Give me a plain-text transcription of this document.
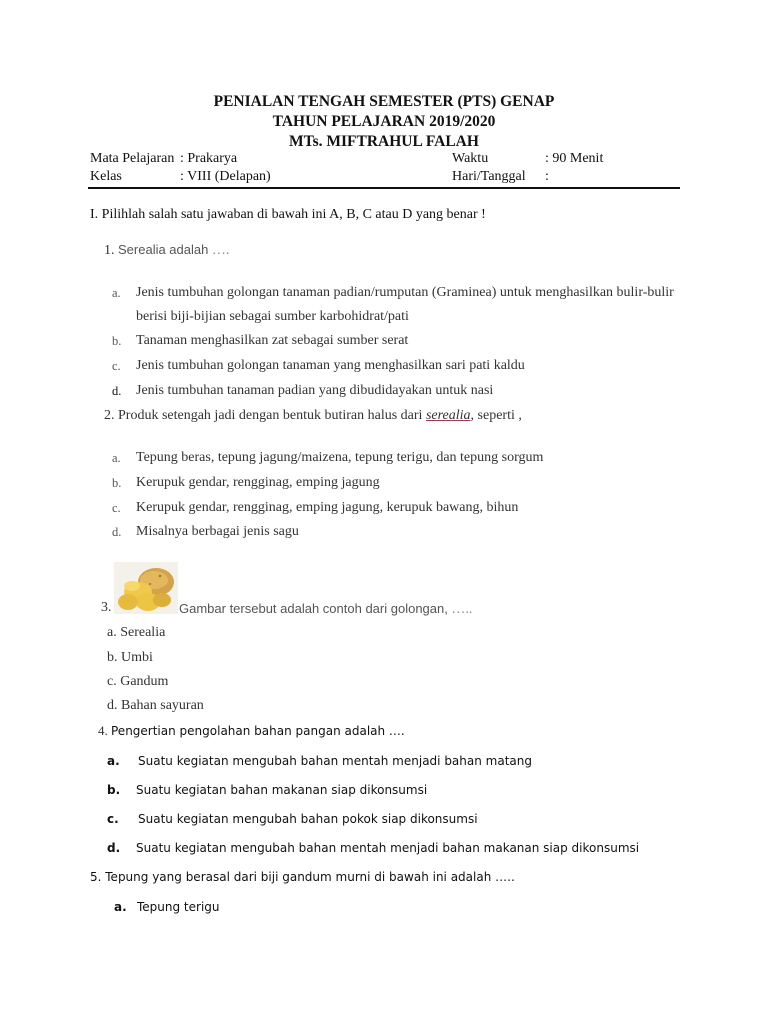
PENIALAN TENGAH SEMESTER (PTS) GENAP
TAHUN PELAJARAN 2019/2020
MTs. MIFTRAHUL FALAH
Mata Pelajaran : Prakarya	Waktu	: 90 Menit
Kelas	: VIII (Delapan)	Hari/Tanggal :
I. Pilihlah salah satu jawaban di bawah ini A, B, C atau D yang benar !
1. Serealia adalah ….
a. Jenis tumbuhan golongan tanaman padian/rumputan (Graminea) untuk menghasilkan bulir-bulir
berisi biji-bijian sebagai sumber karbohidrat/pati
b. Tanaman menghasilkan zat sebagai sumber serat
c. Jenis tumbuhan golongan tanaman yang menghasilkan sari pati kaldu
d. Jenis tumbuhan tanaman padian yang dibudidayakan untuk nasi
2. Produk setengah jadi dengan bentuk butiran halus dari serealia, seperti ,
a. Tepung beras, tepung jagung/maizena, tepung terigu, dan tepung sorgum
b. Kerupuk gendar, rengginag, emping jagung
c. Kerupuk gendar, rengginag, emping jagung, kerupuk bawang, bihun
d. Misalnya berbagai jenis sagu
3.	Gambar tersebut adalah contoh dari golongan, …..
a. Serealia
b. Umbi
c. Gandum
d. Bahan sayuran
4. Pengertian pengolahan bahan pangan adalah ….
a. Suatu kegiatan mengubah bahan mentah menjadi bahan matang
b. Suatu kegiatan bahan makanan siap dikonsumsi
c. Suatu kegiatan mengubah bahan pokok siap dikonsumsi
d. Suatu kegiatan mengubah bahan mentah menjadi bahan makanan siap dikonsumsi
5. Tepung yang berasal dari biji gandum murni di bawah ini adalah …..
a. Tepung terigu
